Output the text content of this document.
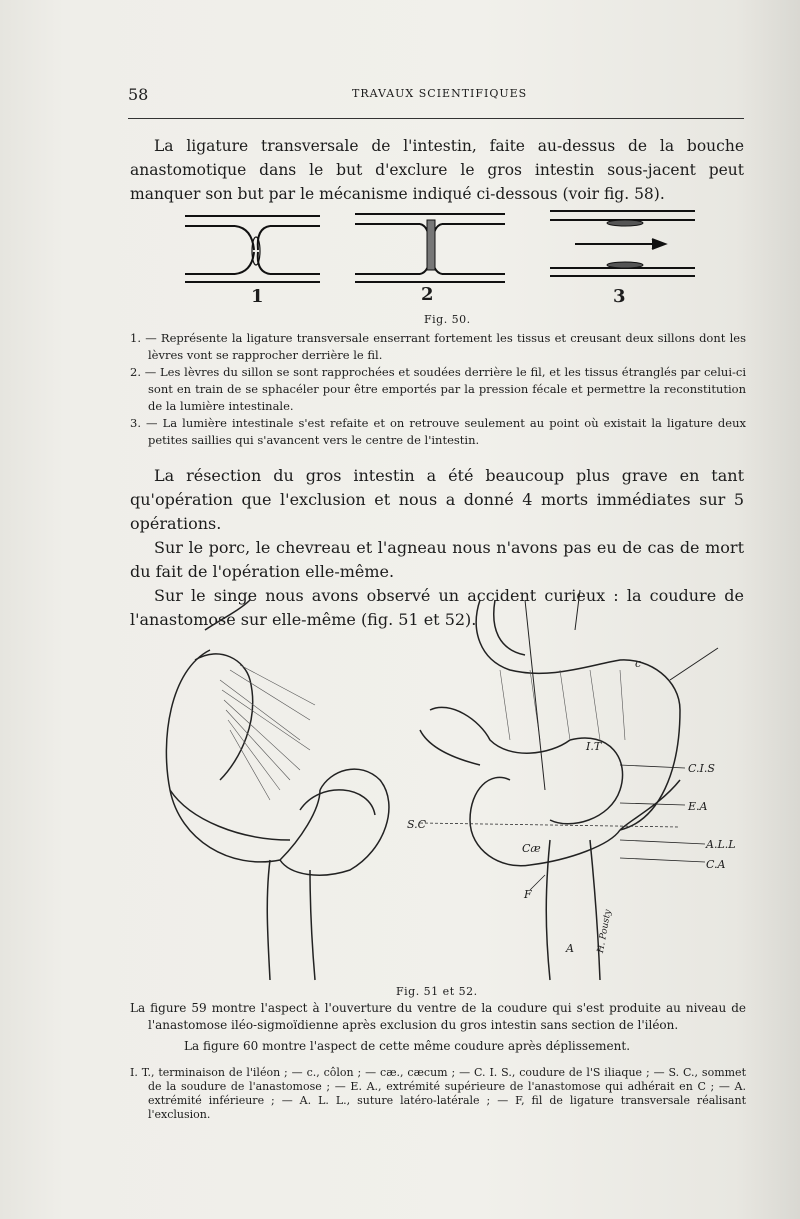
58	TRAVAUX SCIENTIFIQUES

La ligature transversale de l'intestin, faite au-dessus de la bouche anastomotique dans le but d'exclure le gros intestin sous-jacent peut manquer son but par le mécanisme indiqué ci-dessous (voir fig. 58).

1	2	3
Fig. 50.

1. — Représente la ligature transversale enserrant fortement les tissus et creusant deux sillons dont les lèvres vont se rapprocher derrière le fil.

2. — Les lèvres du sillon se sont rapprochées et soudées derrière le fil, et les tissus étranglés par celui-ci sont en train de se sphacéler pour être emportés par la pression fécale et permettre la reconstitution de la lumière intestinale.

3. — La lumière intestinale s'est refaite et on retrouve seulement au point où existait la ligature deux petites saillies qui s'avancent vers le centre de l'intestin.

La résection du gros intestin a été beaucoup plus grave en tant qu'opération que l'exclusion et nous a donné 4 morts immédiates sur 5 opérations.

Sur le porc, le chevreau et l'agneau nous n'avons pas eu de cas de mort du fait de l'opération elle-même.

Sur le singe nous avons observé un accident curieux : la coudure de l'anastomose sur elle-même (fig. 51 et 52).

S.C
I.T
c
C.I.S
E.A
A.L.L
C.A
Cæ
F
A H. Pousty
Fig. 51 et 52.

La figure 59 montre l'aspect à l'ouverture du ventre de la coudure qui s'est produite au niveau de l'anastomose iléo-sigmoïdienne après exclusion du gros intestin sans section de l'iléon.

La figure 60 montre l'aspect de cette même coudure après déplissement.

I. T., terminaison de l'iléon ; — c., côlon ; — cæ., cæcum ; — C. I. S., coudure de l'S iliaque ; — S. C., sommet de la soudure de l'anastomose ; — E. A., extrémité supérieure de l'anastomose qui adhérait en C ; — A. extrémité inférieure ; — A. L. L., suture latéro-latérale ; — F, fil de ligature transversale réalisant l'exclusion.
